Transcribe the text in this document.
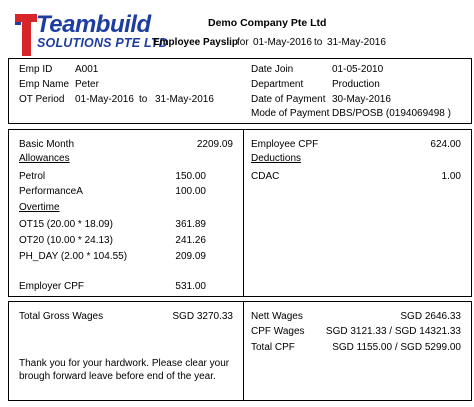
Teambuild
SOLUTIONS PTE LTD
Demo Company Pte Ltd
Employee Payslip
for 01-May-2016 to 31-May-2016
Emp ID A001
Emp Name Peter
OT Period 01-May-2016 to 31-May-2016
Date Join	01-05-2010
Department	Production
Date of Payment 30-May-2016
Mode of Payment DBS/POSB (0194069498 )
Basic Month	2209.09
Allowances
Petrol	150.00
PerformanceA	100.00
Overtime
OT15 (20.00 * 18.09)	361.89
OT20 (10.00 * 24.13)	241.26
PH_DAY (2.00 * 104.55)	209.09
Employer CPF	531.00
Employee CPF	624.00
Deductions
CDAC	1.00
Total Gross Wages	SGD 3270.33
Thank you for your hardwork. Please clear your
brough forward leave before end of the year.
Nett Wages	SGD 2646.33
CPF Wages	SGD 3121.33 / SGD 14321.33
Total CPF	SGD 1155.00 / SGD 5299.00
